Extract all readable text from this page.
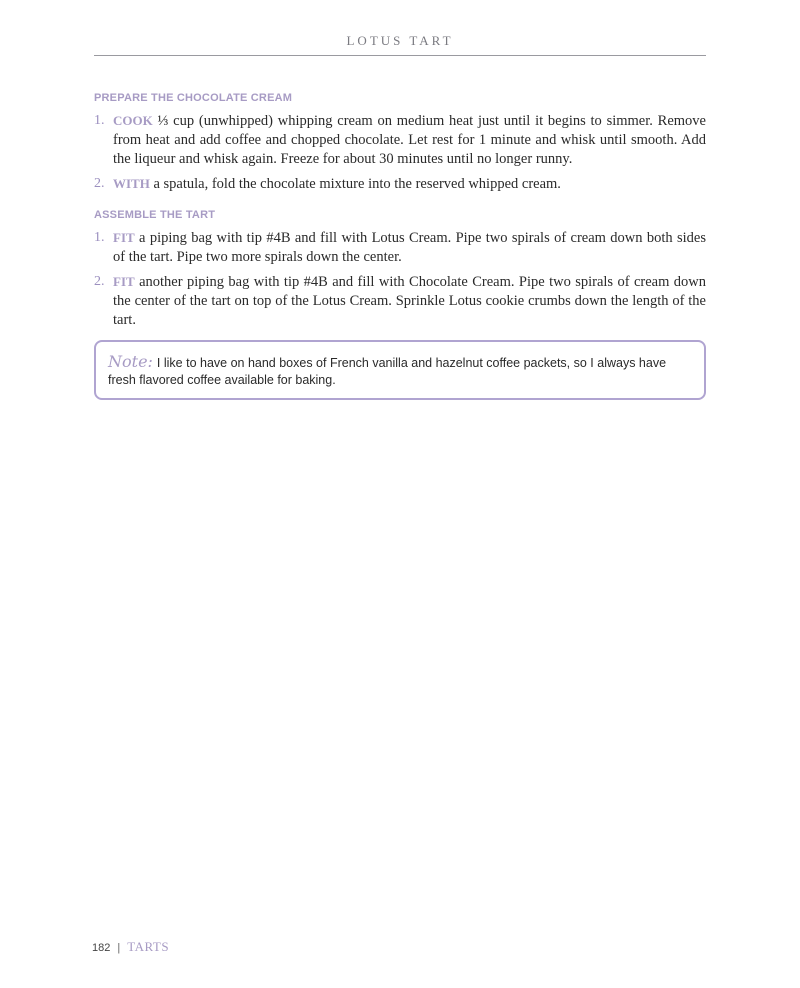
LOTUS TART
PREPARE THE CHOCOLATE CREAM
1. COOK ⅓ cup (unwhipped) whipping cream on medium heat just until it begins to simmer. Remove from heat and add coffee and chopped chocolate. Let rest for 1 minute and whisk until smooth. Add the liqueur and whisk again. Freeze for about 30 minutes until no longer runny.
2. WITH a spatula, fold the chocolate mixture into the reserved whipped cream.
ASSEMBLE THE TART
1. FIT a piping bag with tip #4B and fill with Lotus Cream. Pipe two spirals of cream down both sides of the tart. Pipe two more spirals down the center.
2. FIT another piping bag with tip #4B and fill with Chocolate Cream. Pipe two spirals of cream down the center of the tart on top of the Lotus Cream. Sprinkle Lotus cookie crumbs down the length of the tart.
Note: I like to have on hand boxes of French vanilla and hazelnut coffee packets, so I always have fresh flavored coffee available for baking.
182 | TARTS
